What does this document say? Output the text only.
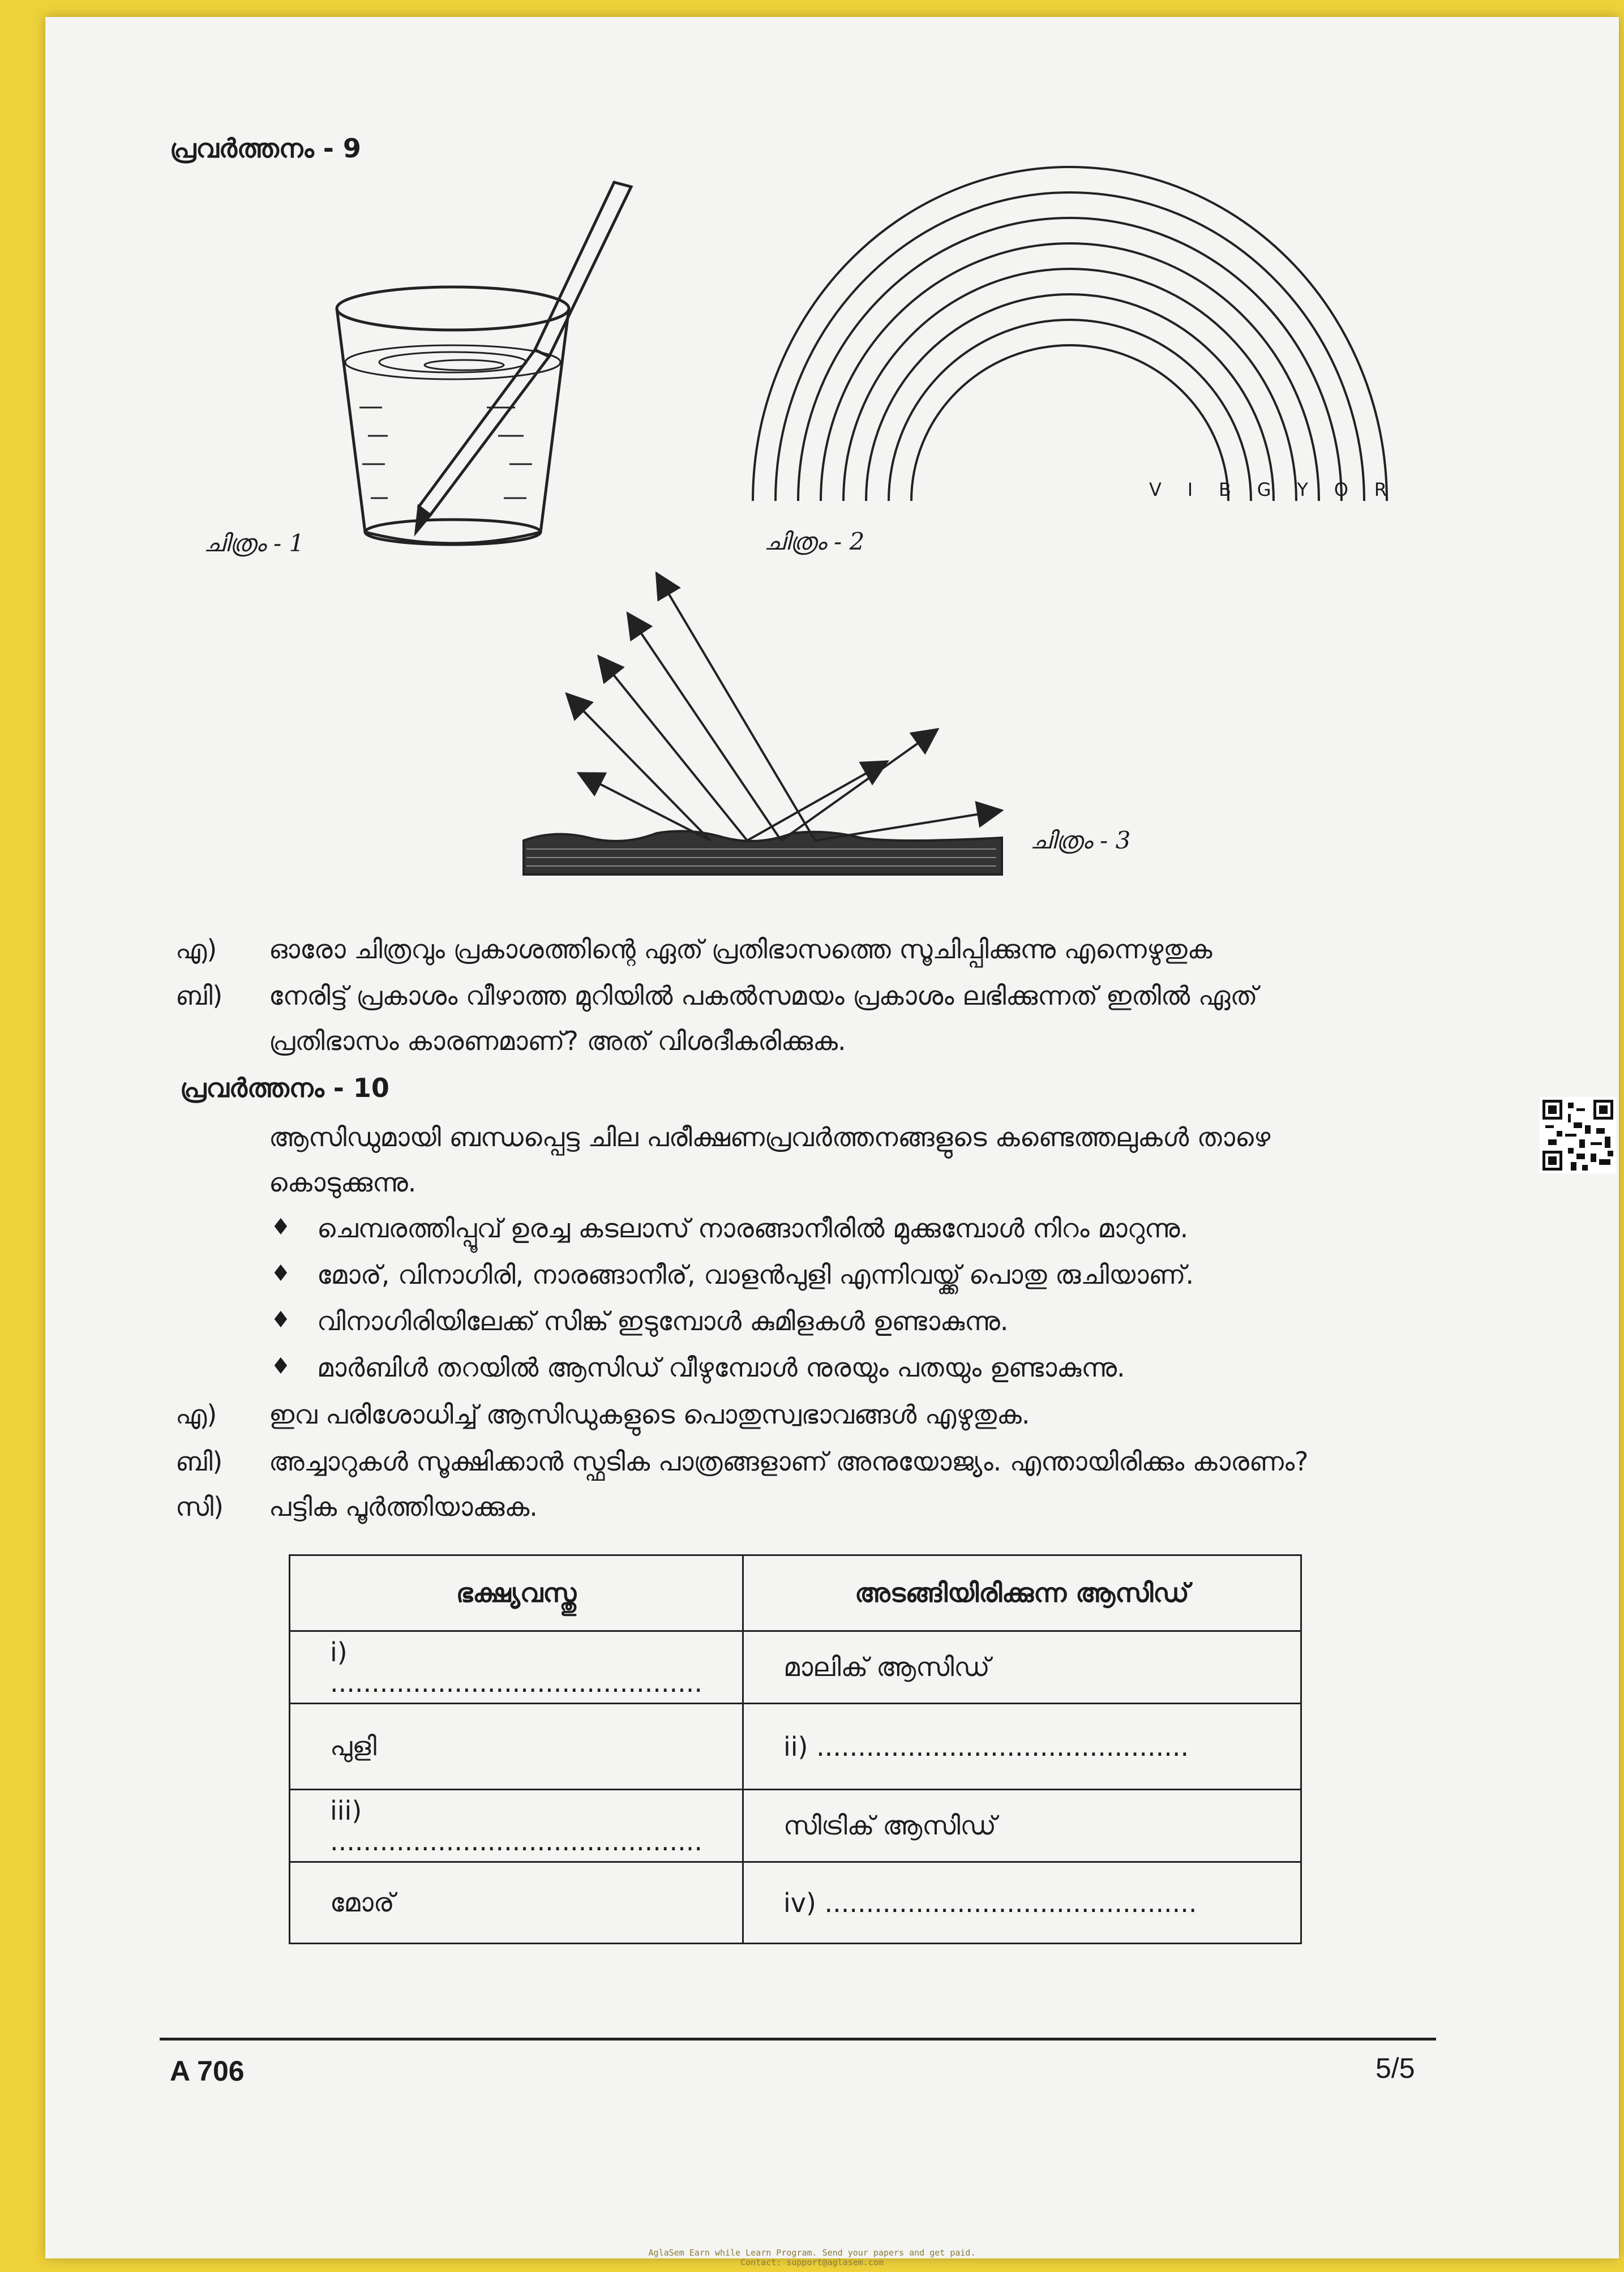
പ്രവർത്തനം - 9
ചിത്രം - 1
V I B G Y O R
ചിത്രം - 2
ചിത്രം - 3
എ) ഓരോ ചിത്രവും പ്രകാശത്തിന്റെ ഏത് പ്രതിഭാസത്തെ സൂചിപ്പിക്കുന്നു എന്നെഴുതുക
ബി) നേരിട്ട് പ്രകാശം വീഴാത്ത മുറിയിൽ പകൽസമയം പ്രകാശം ലഭിക്കുന്നത് ഇതിൽ ഏത്
പ്രതിഭാസം കാരണമാണ്? അത് വിശദീകരിക്കുക.
പ്രവർത്തനം - 10
ആസിഡുമായി ബന്ധപ്പെട്ട ചില പരീക്ഷണപ്രവർത്തനങ്ങളുടെ കണ്ടെത്തലുകൾ താഴെ
കൊടുക്കുന്നു.
♦ ചെമ്പരത്തിപ്പൂവ് ഉരച്ച കടലാസ് നാരങ്ങാനീരിൽ മുക്കുമ്പോൾ നിറം മാറുന്നു.
♦ മോര്, വിനാഗിരി, നാരങ്ങാനീര്, വാളൻപുളി എന്നിവയ്ക്ക് പൊതു രുചിയാണ്.
♦ വിനാഗിരിയിലേക്ക് സിങ്ക് ഇടുമ്പോൾ കുമിളകൾ ഉണ്ടാകുന്നു.
♦ മാർബിൾ തറയിൽ ആസിഡ് വീഴുമ്പോൾ നുരയും പതയും ഉണ്ടാകുന്നു.
എ) ഇവ പരിശോധിച്ച് ആസിഡുകളുടെ പൊതുസ്വഭാവങ്ങൾ എഴുതുക.
ബി) അച്ചാറുകൾ സൂക്ഷിക്കാൻ സ്ഫടിക പാത്രങ്ങളാണ് അനുയോജ്യം. എന്തായിരിക്കും കാരണം?
സി) പട്ടിക പൂർത്തിയാക്കുക.
ഭക്ഷ്യവസ്തു	അടങ്ങിയിരിക്കുന്ന ആസിഡ്
i) .............................................	മാലിക് ആസിഡ്
പുളി	ii) .............................................
iii) .............................................	സിട്രിക് ആസിഡ്
മോര്	iv) .............................................
A 706	5/5
AglaSem Earn while Learn Program. Send your papers and get paid.
Contact: support@aglasem.com
